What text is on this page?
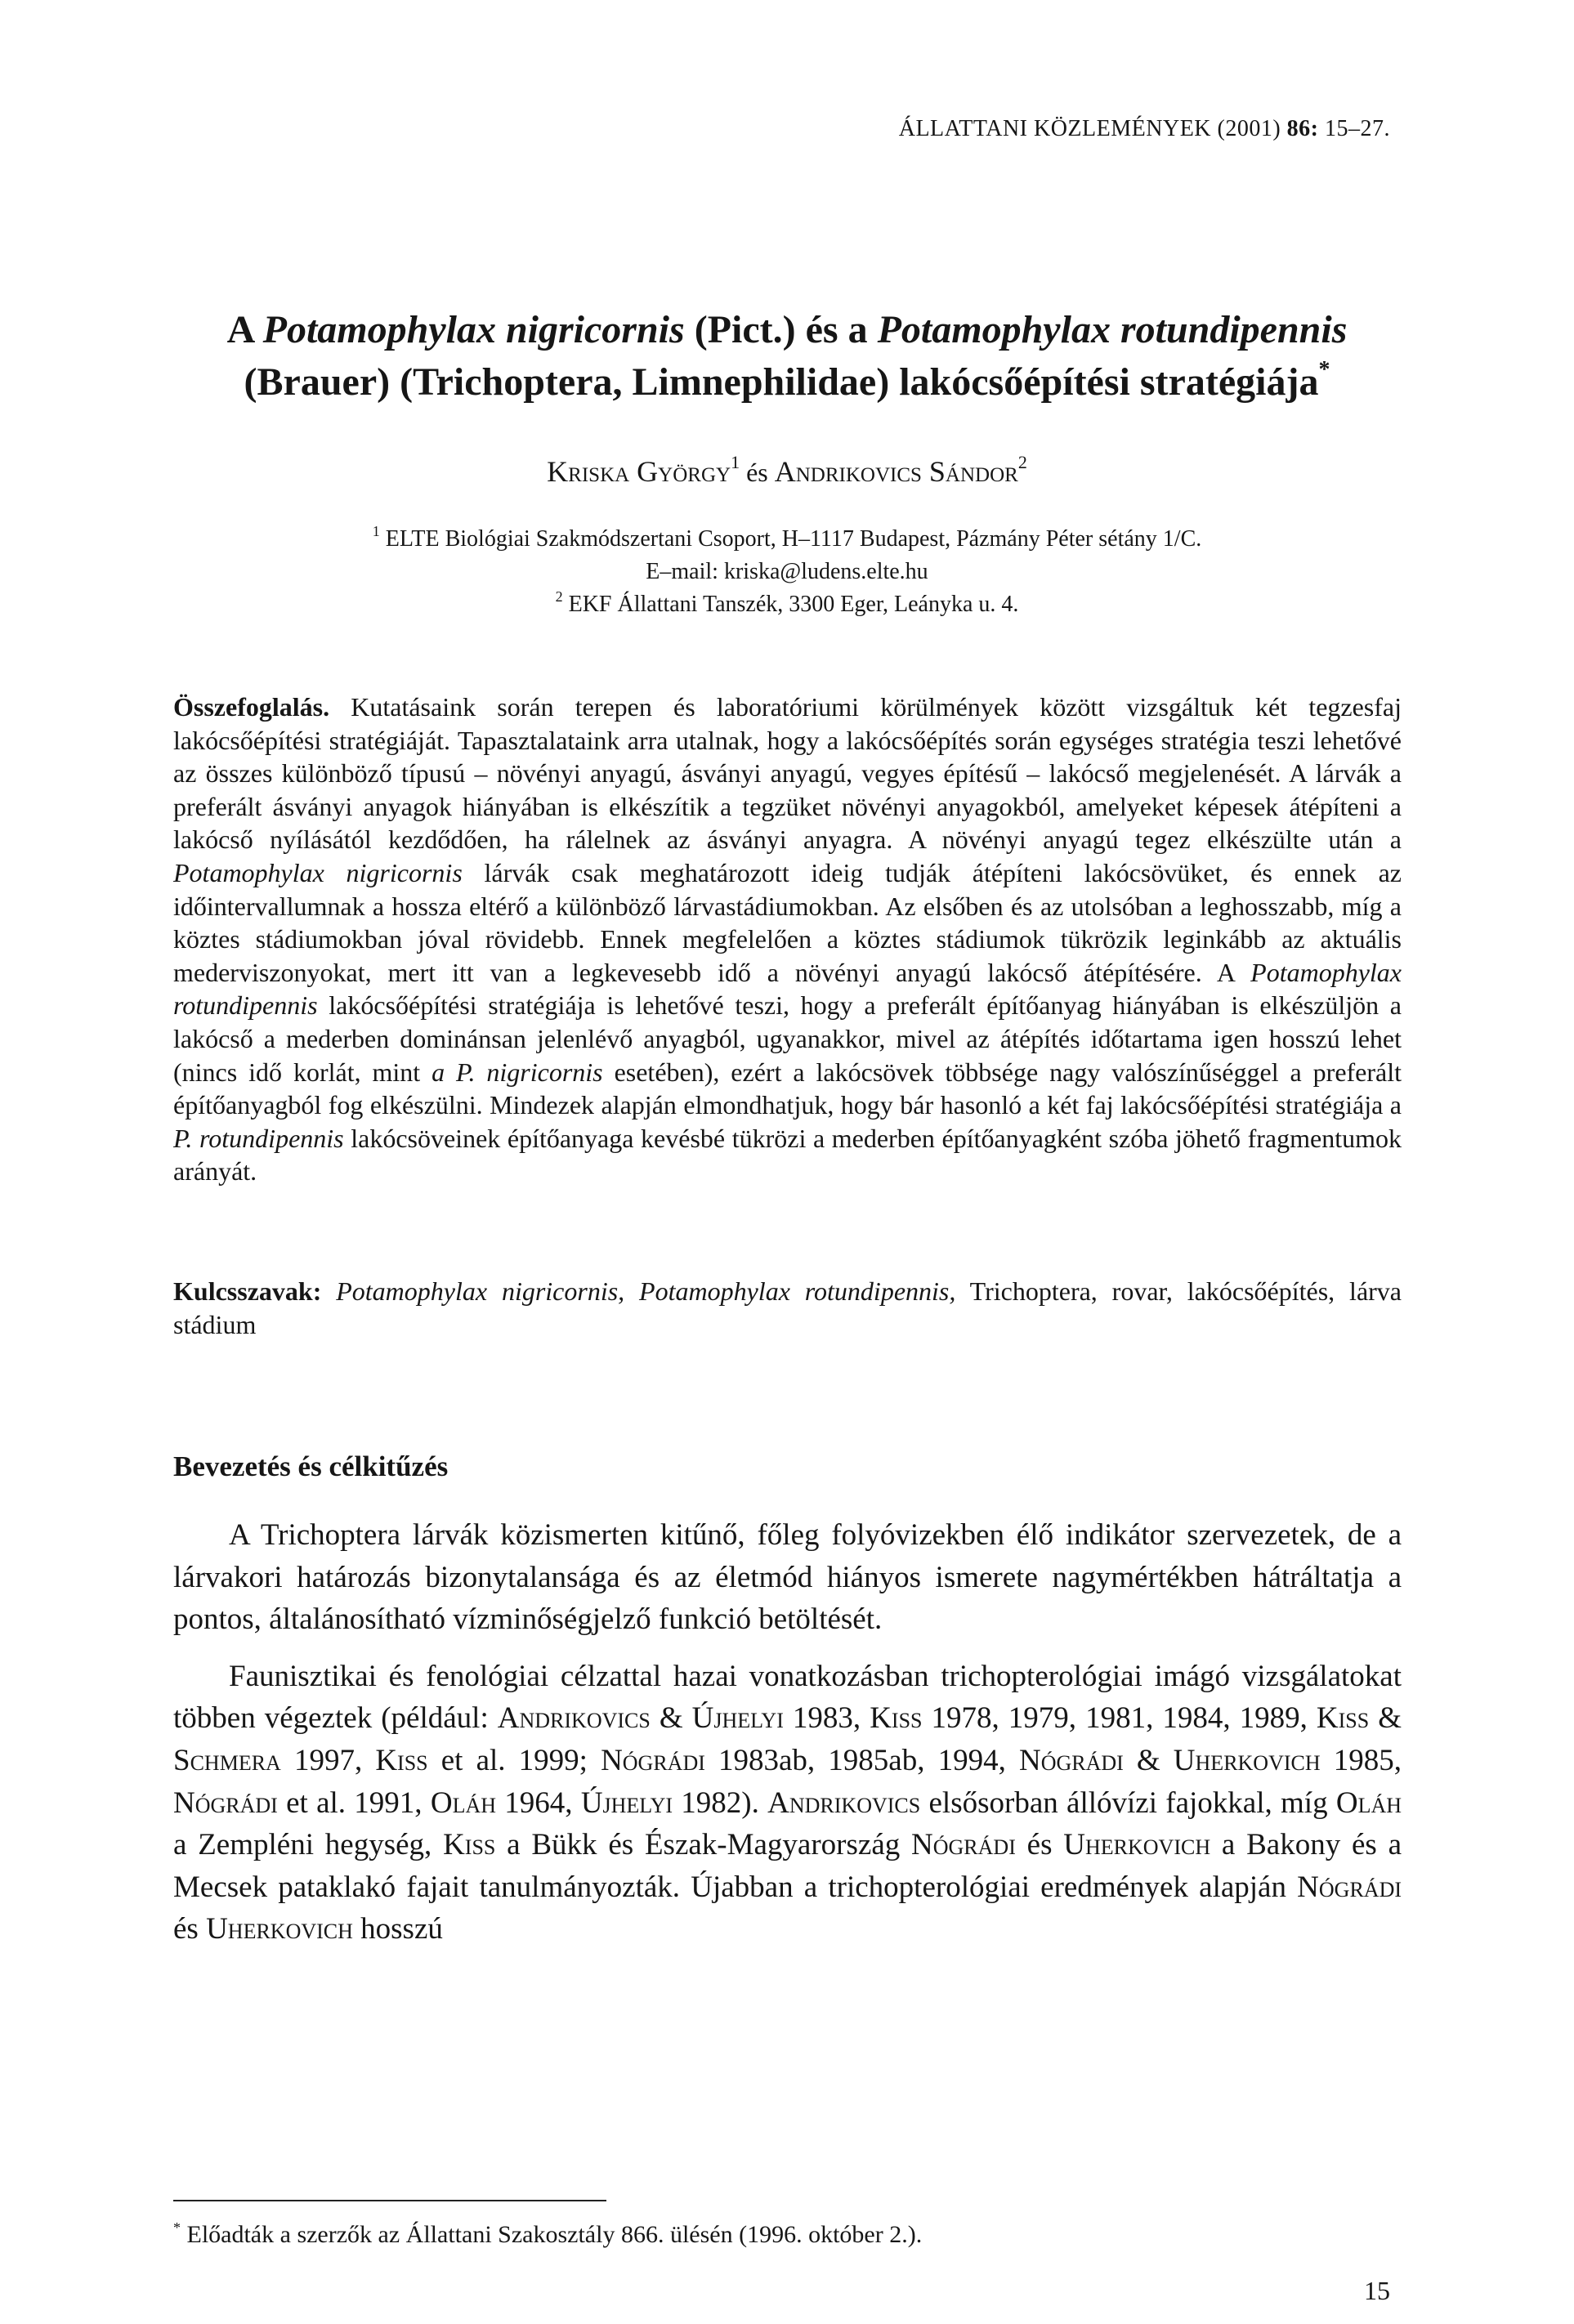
ÁLLATTANI KÖZLEMÉNYEK (2001) 86: 15–27.
A Potamophylax nigricornis (Pict.) és a Potamophylax rotundipennis
(Brauer) (Trichoptera, Limnephilidae) lakócsőépítési stratégiája*
Kriska György$^1$ és Andrikovics Sándor$^2$
$^1$ ELTE Biológiai Szakmódszertani Csoport, H–1117 Budapest, Pázmány Péter sétány 1/C.
E–mail: kriska@ludens.elte.hu
$^2$ EKF Állattani Tanszék, 3300 Eger, Leányka u. 4.
Összefoglalás. Kutatásaink során terepen és laboratóriumi körülmények között vizsgáltuk két tegzesfaj lakócsőépítési stratégiáját. Tapasztalataink arra utalnak, hogy a lakócsőépítés során egységes stratégia teszi lehetővé az összes különböző típusú – növényi anyagú, ásványi anyagú, vegyes építésű – lakócső megjelenését. A lárvák a preferált ásványi anyagok hiányában is elkészítik a tegzüket növényi anyagokból, amelyeket képesek átépíteni a lakócső nyílásától kezdődően, ha rálelnek az ásványi anyagra. A növényi anyagú tegez elkészülte után a Potamophylax nigricornis lárvák csak meghatározott ideig tudják átépíteni lakócsövüket, és ennek az időintervallumnak a hossza eltérő a különböző lárvastádiumokban. Az elsőben és az utolsóban a leghosszabb, míg a köztes stádiumokban jóval rövidebb. Ennek megfelelően a köztes stádiumok tükrözik leginkább az aktuális mederviszonyokat, mert itt van a legkevesebb idő a növényi anyagú lakócső átépítésére. A Potamophylax rotundipennis lakócsőépítési stratégiája is lehetővé teszi, hogy a preferált építőanyag hiányában is elkészüljön a lakócső a mederben dominánsan jelenlévő anyagból, ugyanakkor, mivel az átépítés időtartama igen hosszú lehet (nincs idő korlát, mint a P. nigricornis esetében), ezért a lakócsövek többsége nagy valószínűséggel a preferált építőanyagból fog elkészülni. Mindezek alapján elmondhatjuk, hogy bár hasonló a két faj lakócsőépítési stratégiája a P. rotundipennis lakócsöveinek építőanyaga kevésbé tükrözi a mederben építőanyagként szóba jöhető fragmentumok arányát.
Kulcsszavak: Potamophylax nigricornis, Potamophylax rotundipennis, Trichoptera, rovar, lakócsőépítés, lárva stádium
Bevezetés és célkitűzés

A Trichoptera lárvák közismerten kitűnő, főleg folyóvizekben élő indikátor szervezetek, de a lárvakori határozás bizonytalansága és az életmód hiányos ismerete nagymértékben hátráltatja a pontos, általánosítható vízminőségjelző funkció betöltését.

Faunisztikai és fenológiai célzattal hazai vonatkozásban trichopterológiai imágó vizsgálatokat többen végeztek (például: Andrikovics & Újhelyi 1983, Kiss 1978, 1979, 1981, 1984, 1989, Kiss & Schmera 1997, Kiss et al. 1999; Nógrádi 1983ab, 1985ab, 1994, Nógrádi & Uherkovich 1985, Nógrádi et al. 1991, Oláh 1964, Újhelyi 1982). Andrikovics elsősorban állóvízi fajokkal, míg Oláh a Zempléni hegység, Kiss a Bükk és Észak-Magyarország Nógrádi és Uherkovich a Bakony és a Mecsek pataklakó fajait tanulmányozták. Újabban a trichopterológiai eredmények alapján Nógrádi és Uherkovich hosszú

* Előadták a szerzők az Állattani Szakosztály 866. ülésén (1996. október 2.).
15
